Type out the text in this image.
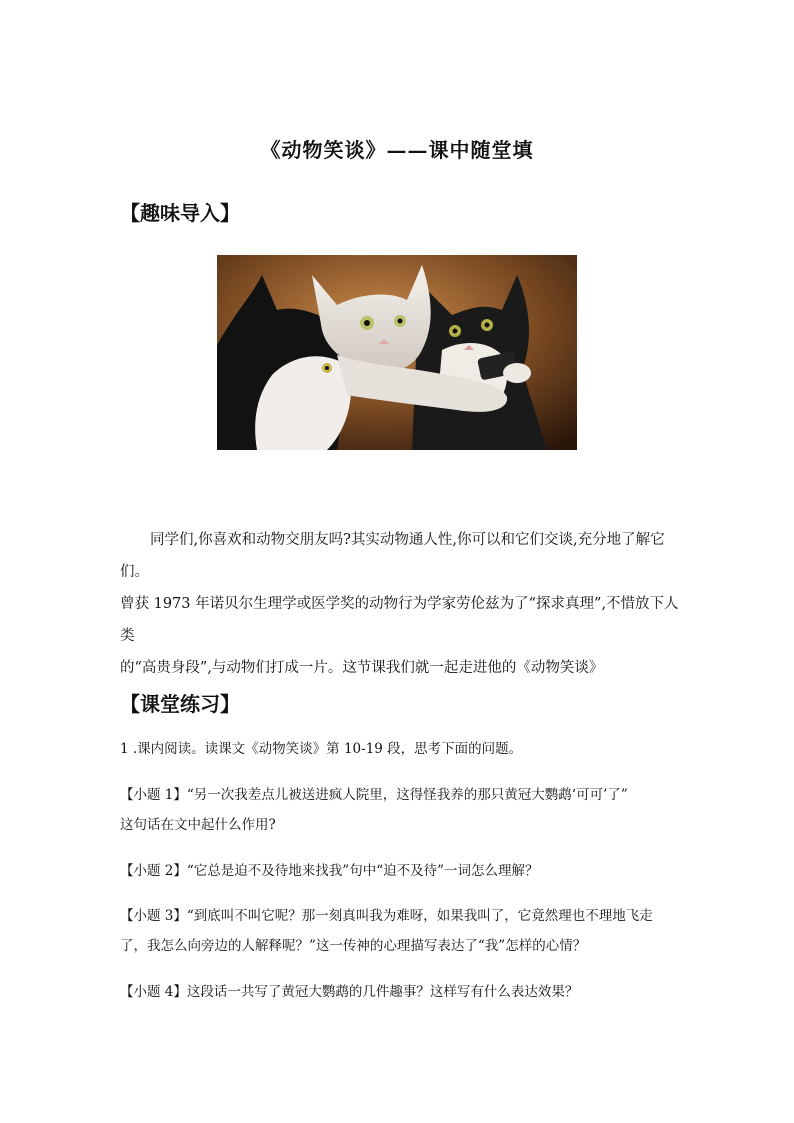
《动物笑谈》——课中随堂填
【趣味导入】
同学们,你喜欢和动物交朋友吗?其实动物通人性,你可以和它们交谈,充分地了解它们。
曾获 1973 年诺贝尔生理学或医学奖的动物行为学家劳伦兹为了“探求真理”,不惜放下人类
的“高贵身段”,与动物们打成一片。这节课我们就一起走进他的《动物笑谈》
【课堂练习】
1 .课内阅读。读课文《动物笑谈》第 10-19 段，思考下面的问题。
【小题 1】“另一次我差点儿被送进疯人院里，这得怪我养的那只黄冠大鹦鹉‘可可’了”
这句话在文中起什么作用?
【小题 2】“它总是迫不及待地来找我”句中“迫不及待”一词怎么理解？
【小题 3】“到底叫不叫它呢？那一刻真叫我为难呀，如果我叫了，它竟然理也不理地飞走
了，我怎么向旁边的人解释呢？”这一传神的心理描写表达了“我”怎样的心情？
【小题 4】这段话一共写了黄冠大鹦鹉的几件趣事？这样写有什么表达效果？
